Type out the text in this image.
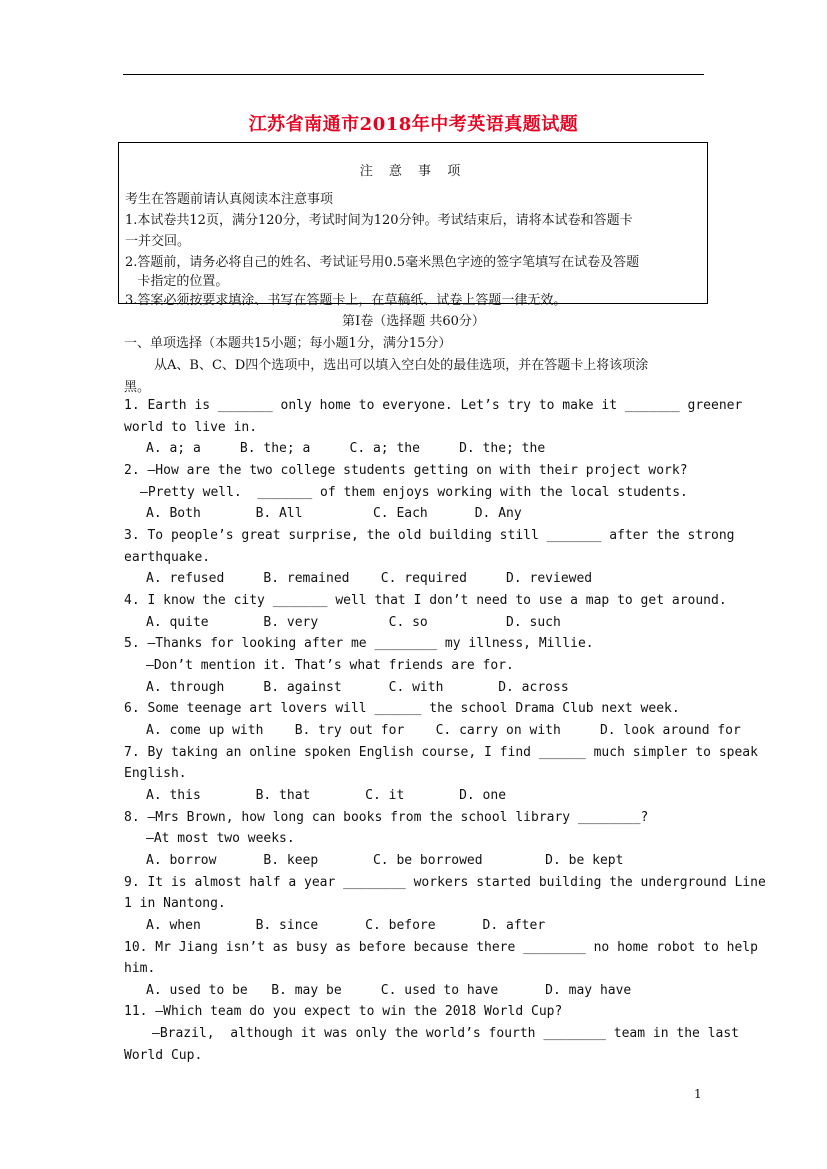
江苏省南通市2018年中考英语真题试题
注 意 事 项
考生在答题前请认真阅读本注意事项
1.本试卷共12页，满分120分，考试时间为120分钟。考试结束后，请将本试卷和答题卡
一并交回。
2.答题前，请务必将自己的姓名、考试证号用0.5毫米黑色字迹的签字笔填写在试卷及答题
卡指定的位置。
3.答案必须按要求填涂、书写在答题卡上，在草稿纸、试卷上答题一律无效。
第Ⅰ卷（选择题 共60分）
一、单项选择（本题共15小题；每小题1分，满分15分）
从A、B、C、D四个选项中，选出可以填入空白处的最佳选项，并在答题卡上将该项涂
黑。
1. Earth is _______ only home to everyone. Let’s try to make it _______ greener
world to live in.
A. a; a     B. the; a     C. a; the     D. the; the
2. —How are the two college students getting on with their project work?
—Pretty well.  _______ of them enjoys working with the local students.
A. Both       B. All         C. Each      D. Any
3. To people’s great surprise, the old building still _______ after the strong
earthquake.
A. refused     B. remained    C. required     D. reviewed
4. I know the city _______ well that I don’t need to use a map to get around.
A. quite       B. very         C. so          D. such
5. —Thanks for looking after me ________ my illness, Millie.
—Don’t mention it. That’s what friends are for.
A. through     B. against      C. with       D. across
6. Some teenage art lovers will ______ the school Drama Club next week.
A. come up with    B. try out for    C. carry on with     D. look around for
7. By taking an online spoken English course, I find ______ much simpler to speak
English.
A. this       B. that       C. it       D. one
8. —Mrs Brown, how long can books from the school library ________?
—At most two weeks.
A. borrow      B. keep       C. be borrowed        D. be kept
9. It is almost half a year ________ workers started building the underground Line
1 in Nantong.
A. when       B. since      C. before      D. after
10. Mr Jiang isn’t as busy as before because there ________ no home robot to help
him.
A. used to be   B. may be     C. used to have      D. may have
11. —Which team do you expect to win the 2018 World Cup?
—Brazil,  although it was only the world’s fourth ________ team in the last
World Cup.
1
